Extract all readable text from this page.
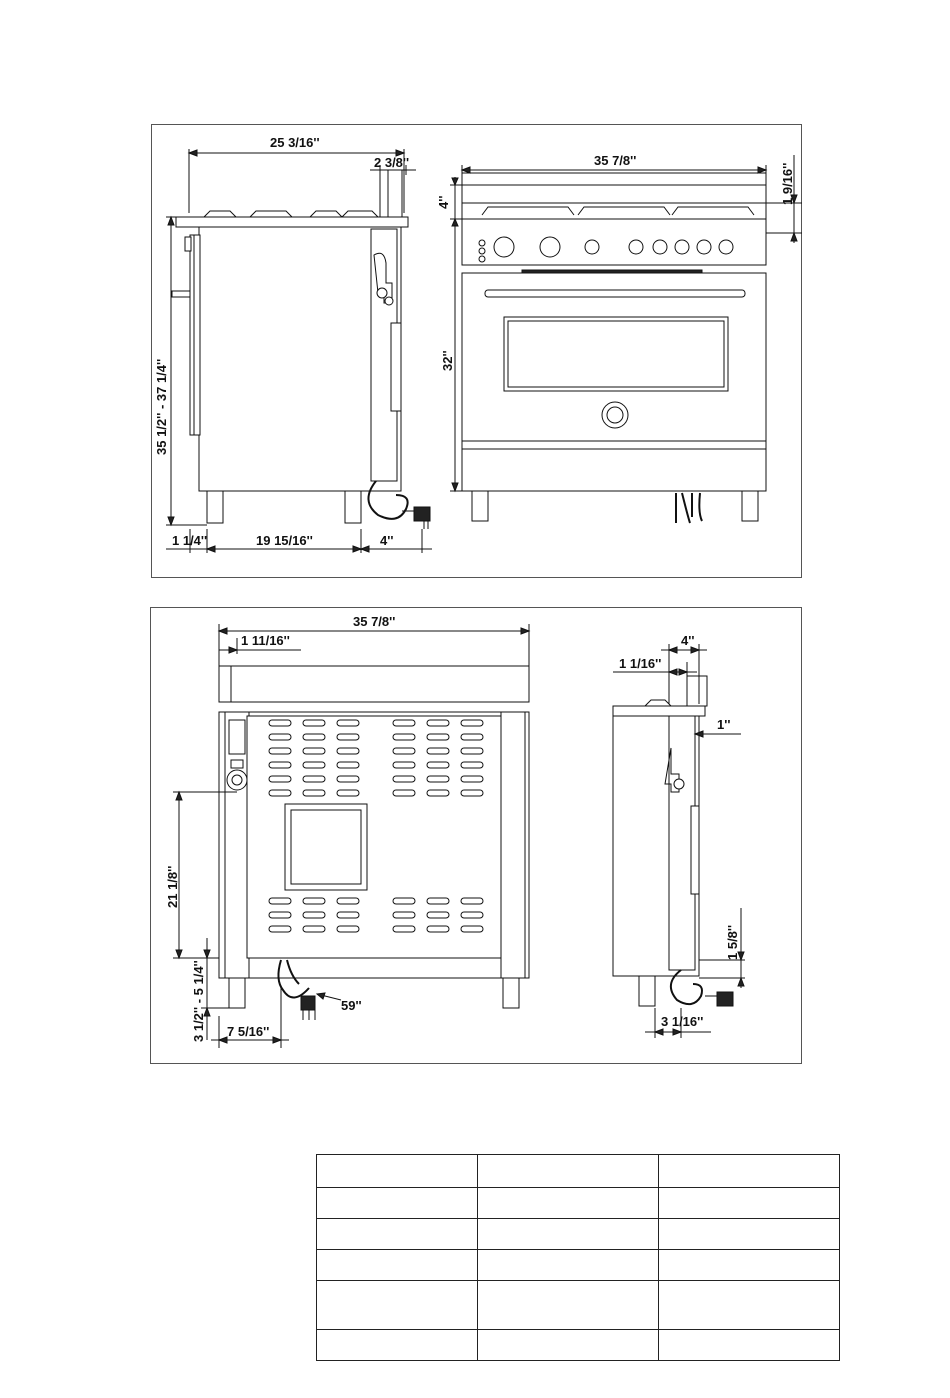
25 3/16''
2 3/8''
35 1/2'' - 37 1/4''
1 1/4''	19 15/16''	4''
35 7/8''
4''	1 9/16''
32''
35 7/8''
1 11/16''
21 1/8''
3 1/2'' - 5 1/4'' 7 5/16''
59''
4''
1 1/16''
1''
1 5/8''
3 1/16''
